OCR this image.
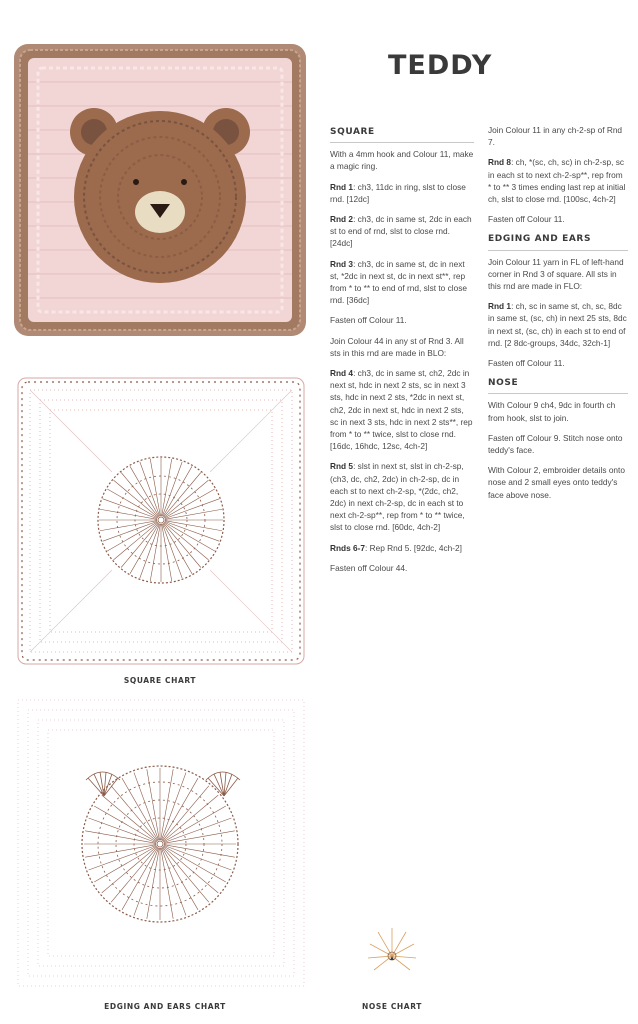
TEDDY
SQUARE

With a 4mm hook and Colour 11, make a magic ring.

Rnd 1: ch3, 11dc in ring, slst to close rnd. [12dc]

Rnd 2: ch3, dc in same st, 2dc in each st to end of rnd, slst to close rnd. [24dc]

Rnd 3: ch3, dc in same st, dc in next st, *2dc in next st, dc in next st**, rep from * to ** to end of rnd, slst to close rnd. [36dc]

Fasten off Colour 11.

Join Colour 44 in any st of Rnd 3. All sts in this rnd are made in BLO:

Rnd 4: ch3, dc in same st, ch2, 2dc in next st, hdc in next 2 sts, sc in next 3 sts, hdc in next 2 sts, *2dc in next st, ch2, 2dc in next st, hdc in next 2 sts, sc in next 3 sts, hdc in next 2 sts**, rep from * to ** twice, slst to close rnd. [16dc, 16hdc, 12sc, 4ch-2]

Rnd 5: slst in next st, slst in ch-2-sp, (ch3, dc, ch2, 2dc) in ch-2-sp, dc in each st to next ch-2-sp, *(2dc, ch2, 2dc) in next ch-2-sp, dc in each st to next ch-2-sp**, rep from * to ** twice, slst to close rnd. [60dc, 4ch-2]

Rnds 6-7: Rep Rnd 5. [92dc, 4ch-2]

Fasten off Colour 44.

Join Colour 11 in any ch-2-sp of Rnd 7.

Rnd 8: ch, *(sc, ch, sc) in ch-2-sp, sc in each st to next ch-2-sp**, rep from * to ** 3 times ending last rep at initial ch, slst to close rnd. [100sc, 4ch-2]

Fasten off Colour 11.

EDGING AND EARS

Join Colour 11 yarn in FL of left-hand corner in Rnd 3 of square. All sts in this rnd are made in FLO:

Rnd 1: ch, sc in same st, ch, sc, 8dc in same st, (sc, ch) in next 25 sts, 8dc in next st, (sc, ch) in each st to end of rnd. [2 8dc-groups, 34dc, 32ch-1]

Fasten off Colour 11.

NOSE

With Colour 9 ch4, 9dc in fourth ch from hook, slst to join.

Fasten off Colour 9. Stitch nose onto teddy's face.

With Colour 2, embroider details onto nose and 2 small eyes onto teddy's face above nose.

SQUARE CHART
EDGING AND EARS CHART	NOSE CHART
